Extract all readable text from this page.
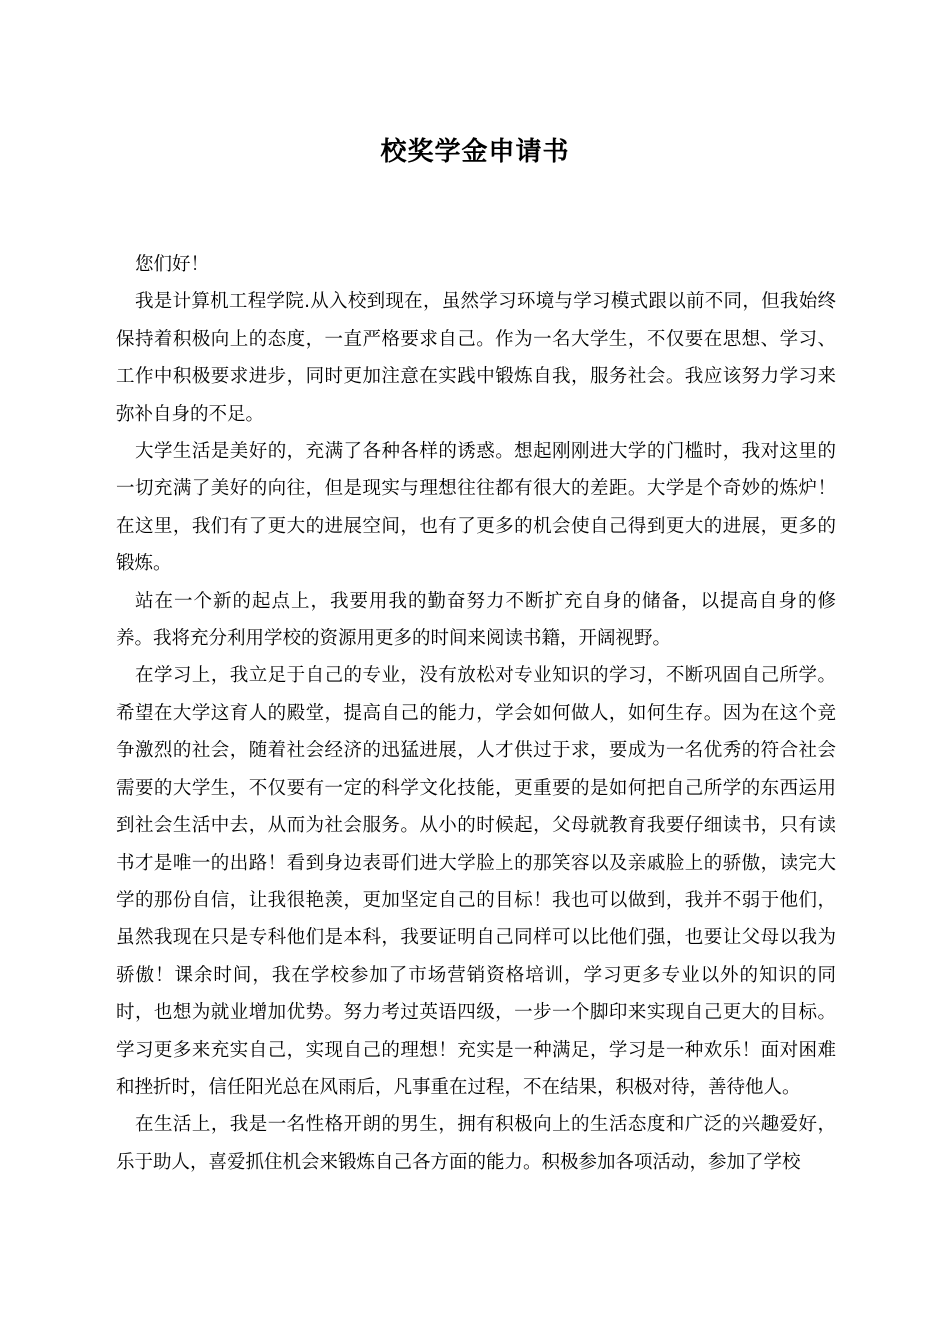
校奖学金申请书

您们好！

我是计算机工程学院.从入校到现在，虽然学习环境与学习模式跟以前不同，但我始终保持着积极向上的态度，一直严格要求自己。作为一名大学生，不仅要在思想、学习、工作中积极要求进步，同时更加注意在实践中锻炼自我，服务社会。我应该努力学习来弥补自身的不足。

大学生活是美好的，充满了各种各样的诱惑。想起刚刚进大学的门槛时，我对这里的一切充满了美好的向往，但是现实与理想往往都有很大的差距。大学是个奇妙的炼炉！在这里，我们有了更大的进展空间，也有了更多的机会使自己得到更大的进展，更多的锻炼。

站在一个新的起点上，我要用我的勤奋努力不断扩充自身的储备，以提高自身的修养。我将充分利用学校的资源用更多的时间来阅读书籍，开阔视野。

在学习上，我立足于自己的专业，没有放松对专业知识的学习，不断巩固自己所学。希望在大学这育人的殿堂，提高自己的能力，学会如何做人，如何生存。因为在这个竞争激烈的社会，随着社会经济的迅猛进展，人才供过于求，要成为一名优秀的符合社会需要的大学生，不仅要有一定的科学文化技能，更重要的是如何把自己所学的东西运用到社会生活中去，从而为社会服务。从小的时候起，父母就教育我要仔细读书，只有读书才是唯一的出路！看到身边表哥们进大学脸上的那笑容以及亲戚脸上的骄傲，读完大学的那份自信，让我很艳羡，更加坚定自己的目标！我也可以做到，我并不弱于他们，虽然我现在只是专科他们是本科，我要证明自己同样可以比他们强，也要让父母以我为骄傲！课余时间，我在学校参加了市场营销资格培训，学习更多专业以外的知识的同时，也想为就业增加优势。努力考过英语四级，一步一个脚印来实现自己更大的目标。学习更多来充实自己，实现自己的理想！充实是一种满足，学习是一种欢乐！面对困难和挫折时，信任阳光总在风雨后，凡事重在过程，不在结果，积极对待，善待他人。

在生活上，我是一名性格开朗的男生，拥有积极向上的生活态度和广泛的兴趣爱好，乐于助人，喜爱抓住机会来锻炼自己各方面的能力。积极参加各项活动，参加了学校
